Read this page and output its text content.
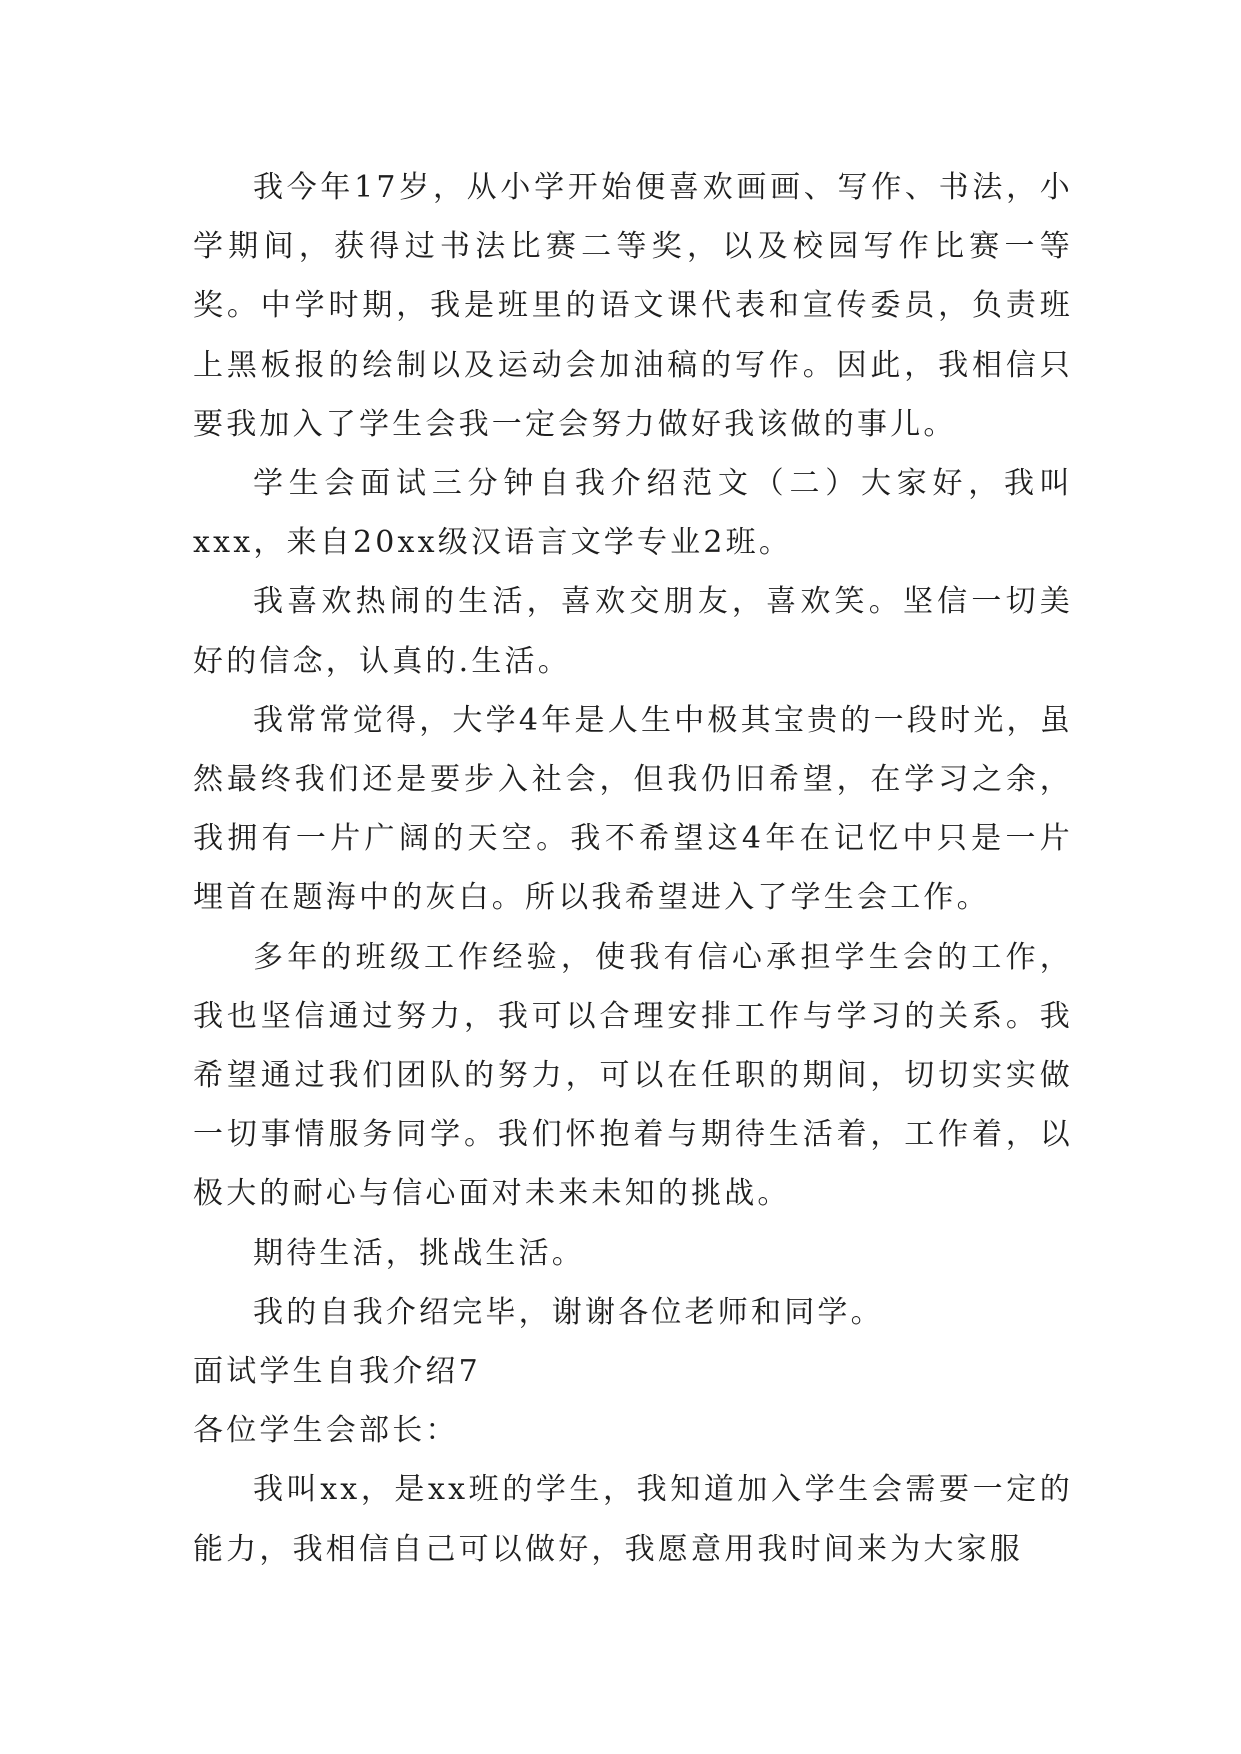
我今年17岁，从小学开始便喜欢画画、写作、书法，小学期间，获得过书法比赛二等奖，以及校园写作比赛一等奖。中学时期，我是班里的语文课代表和宣传委员，负责班上黑板报的绘制以及运动会加油稿的写作。因此，我相信只要我加入了学生会我一定会努力做好我该做的事儿。

学生会面试三分钟自我介绍范文（二）大家好，我叫xxx，来自20xx级汉语言文学专业2班。

我喜欢热闹的生活，喜欢交朋友，喜欢笑。坚信一切美好的信念，认真的.生活。

我常常觉得，大学4年是人生中极其宝贵的一段时光，虽然最终我们还是要步入社会，但我仍旧希望，在学习之余，我拥有一片广阔的天空。我不希望这4年在记忆中只是一片埋首在题海中的灰白。所以我希望进入了学生会工作。

多年的班级工作经验，使我有信心承担学生会的工作，我也坚信通过努力，我可以合理安排工作与学习的关系。我希望通过我们团队的努力，可以在任职的期间，切切实实做一切事情服务同学。我们怀抱着与期待生活着，工作着，以极大的耐心与信心面对未来未知的挑战。

期待生活，挑战生活。

我的自我介绍完毕，谢谢各位老师和同学。

面试学生自我介绍7

各位学生会部长：

我叫xx，是xx班的学生，我知道加入学生会需要一定的能力，我相信自己可以做好，我愿意用我时间来为大家服
